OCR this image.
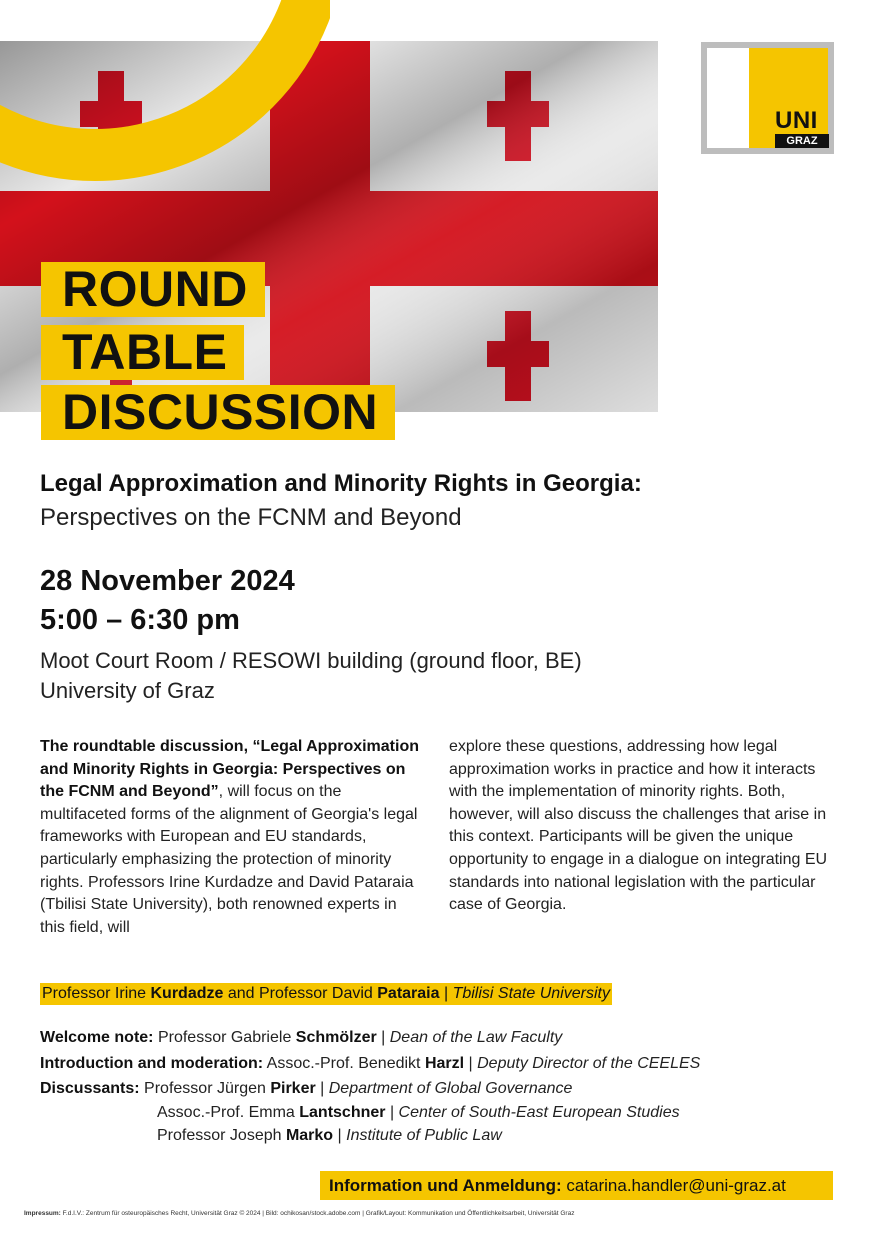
UNI
GRAZ
ROUND
TABLE
DISCUSSION
Legal Approximation and Minority Rights in Georgia:
Perspectives on the FCNM and Beyond
28 November 2024
5:00 – 6:30 pm
Moot Court Room / RESOWI building (ground floor, BE)
University of Graz
The roundtable discussion, “Legal Approximation and Minority Rights in Georgia: Perspectives on the FCNM and Beyond”, will focus on the multifaceted forms of the alignment of Georgia's legal frameworks with European and EU standards, particularly emphasizing the protection of minority rights. Professors Irine Kurdadze and David Pataraia (Tbilisi State University), both renowned experts in this field, will
explore these questions, addressing how legal approximation works in practice and how it interacts with the implementation of minority rights. Both, however, will also discuss the challenges that arise in this context. Participants will be given the unique opportunity to engage in a dialogue on integrating EU standards into national legislation with the particular case of Georgia.
Professor Irine Kurdadze and Professor David Pataraia | Tbilisi State University
Welcome note: Professor Gabriele Schmölzer | Dean of the Law Faculty
Introduction and moderation: Assoc.-Prof. Benedikt Harzl | Deputy Director of the CEELES
Discussants: Professor Jürgen Pirker | Department of Global Governance
Assoc.-Prof. Emma Lantschner | Center of South-East European Studies
Professor Joseph Marko | Institute of Public Law
Information und Anmeldung: catarina.handler@uni-graz.at
Impressum: F.d.I.V.: Zentrum für osteuropäisches Recht, Universität Graz © 2024 | Bild: ochikosan/stock.adobe.com | Grafik/Layout: Kommunikation und Öffentlichkeitsarbeit, Universität Graz
